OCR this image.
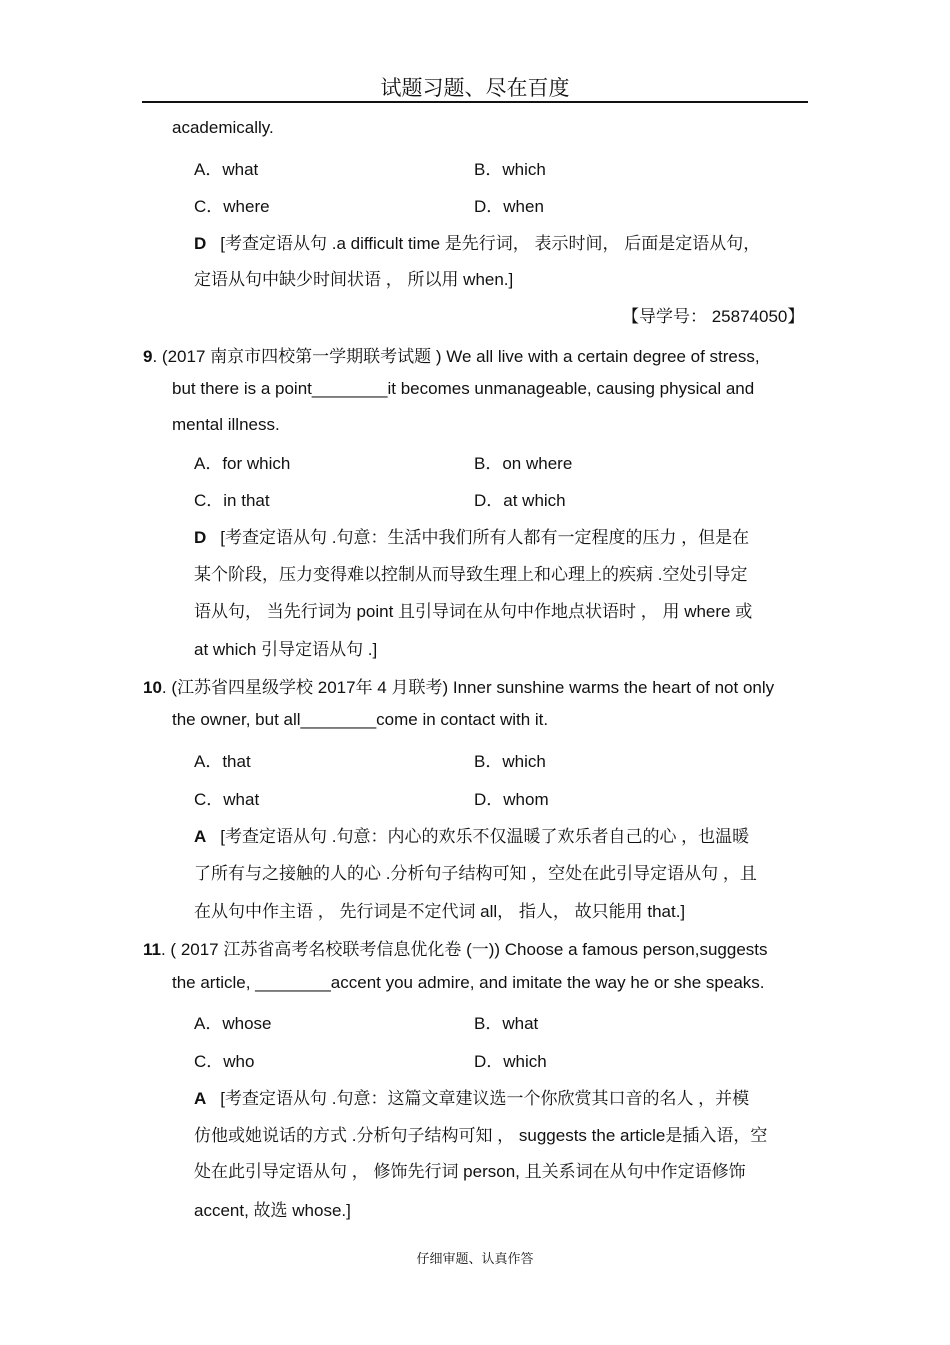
试题习题、尽在百度
academically.
A．what	B．which
C．where	D．when
D [考查定语从句 .a difficult time 是先行词， 表示时间， 后面是定语从句，
定语从句中缺少时间状语 ， 所以用 when.]
【导学号： 25874050】
9. (2017 南京市四校第一学期联考试题 ) We all live with a certain degree of stress,
but there is a point________it becomes unmanageable, causing physical and
mental illness.
A．for which	B．on where
C．in that	D．at which
D [考查定语从句 .句意：生活中我们所有人都有一定程度的压力 ，但是在
某个阶段，压力变得难以控制从而导致生理上和心理上的疾病 .空处引导定
语从句， 当先行词为 point 且引导词在从句中作地点状语时 ， 用 where 或
at which 引导定语从句 .]
10. (江苏省四星级学校 2017年 4 月联考) Inner sunshine warms the heart of not only
the owner, but all________come in contact with it.
A．that	B．which
C．what	D．whom
A [考查定语从句 .句意：内心的欢乐不仅温暖了欢乐者自己的心 ，也温暖
了所有与之接触的人的心 .分析句子结构可知 ，空处在此引导定语从句 ，且
在从句中作主语 ， 先行词是不定代词 all， 指人， 故只能用 that.]
11. ( 2017 江苏省高考名校联考信息优化卷 (一)) Choose a famous person,suggests
the article, ________accent you admire, and imitate the way he or she speaks.
A．whose	B．what
C．who	D．which
A [考查定语从句 .句意：这篇文章建议选一个你欣赏其口音的名人 ，并模
仿他或她说话的方式 .分析句子结构可知 ， suggests the article是插入语，空
处在此引导定语从句 ， 修饰先行词 person, 且关系词在从句中作定语修饰
accent, 故选 whose.]
仔细审题、认真作答
